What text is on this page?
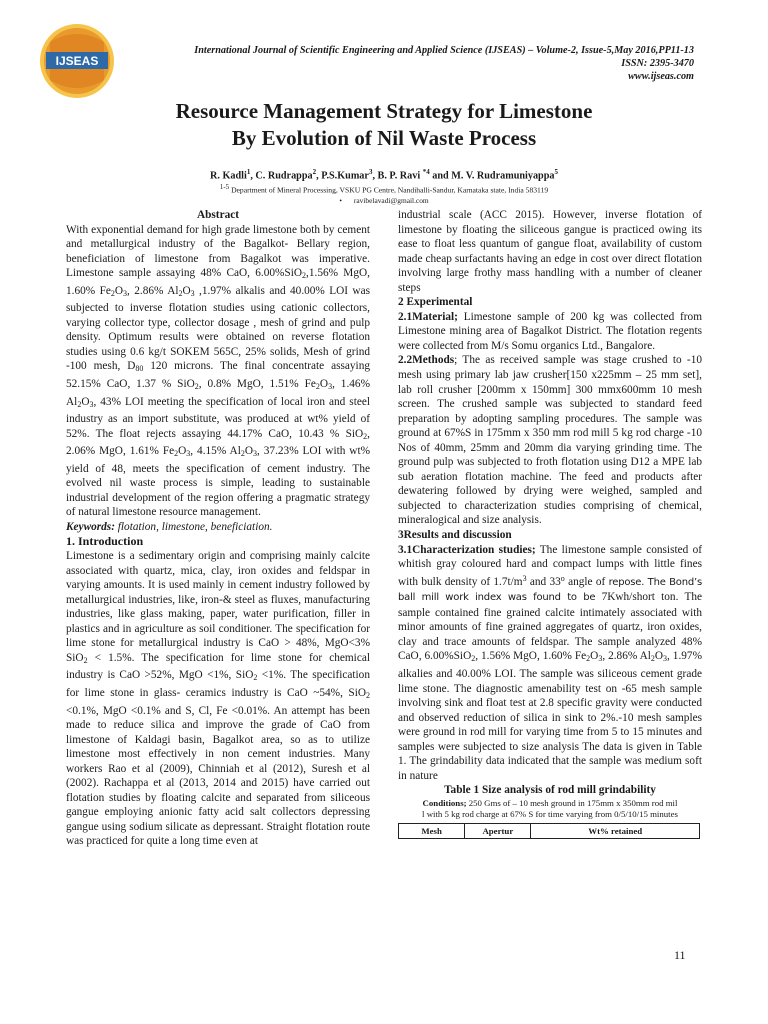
IJSEAS
International Journal of Scientific Engineering and Applied Science (IJSEAS) – Volume-2, Issue-5,May 2016,PP11-13
ISSN: 2395-3470
www.ijseas.com
Resource Management Strategy for Limestone
By Evolution of Nil Waste Process
R. Kadli$^1$, C. Rudrappa$^2$, P.S.Kumar$^3$, B. P. Ravi $^{*4}$ and M. V. Rudramuniyappa$^5$
$^{1-5}$ Department of Mineral Processing, VSKU PG Centre, Nandihalli-Sandur, Karnataka state, India 583119
• ravibelavadi@gmail.com

Abstract

With exponential demand for high grade limestone both by cement and metallurgical industry of the Bagalkot- Bellary region, beneficiation of limestone from Bagalkot was imperative. Limestone sample assaying 48% CaO, 6.00%SiO$_2$,1.56% MgO, 1.60% $Fe_2O_3$, 2.86% $Al_2O_3$ ,1.97% alkalis and 40.00% LOI was subjected to inverse flotation studies using cationic collectors, varying collector type, collector dosage , mesh of grind and pulp density. Optimum results were obtained on reverse flotation studies using 0.6 kg/t SOKEM 565C, 25% solids, Mesh of grind -100 mesh, $D_{80}$ 120 microns. The final concentrate assaying 52.15% CaO, 1.37 % SiO$_2$, 0.8% MgO, 1.51% $Fe_2O_3$, 1.46% $Al_2O_3$, 43% LOI meeting the specification of local iron and steel industry as an import substitute, was produced at wt% yield of 52%. The float rejects assaying 44.17% CaO, 10.43 % SiO$_2$, 2.06% MgO, 1.61% $Fe_2O_3$, 4.15% $Al_2O_3$, 37.23% LOI with wt% yield of 48, meets the specification of cement industry. The evolved nil waste process is simple, leading to sustainable industrial development of the region offering a pragmatic strategy of natural limestone resource management.

Keywords: flotation, limestone, beneficiation.

1. Introduction

Limestone is a sedimentary origin and comprising mainly calcite associated with quartz, mica, clay, iron oxides and feldspar in varying amounts. It is used mainly in cement industry followed by metallurgical industries, like, iron-& steel as fluxes, manufacturing industries, like glass making, paper, water purification, filler in plastics and in agriculture as soil conditioner. The specification for lime stone for metallurgical industry is CaO > 48%, MgO<3% SiO$_2$ < 1.5%. The specification for lime stone for chemical industry is CaO >52%, MgO <1%, SiO$_2$ <1%. The specification for lime stone in glass- ceramics industry is CaO ~54%, SiO$_2$ <0.1%, MgO <0.1% and S, Cl, Fe <0.01%. An attempt has been made to reduce silica and improve the grade of CaO from limestone of Kaldagi basin, Bagalkot area, so as to utilize limestone most effectively in non cement industries. Many workers Rao et al (2009), Chinniah et al (2012), Suresh et al (2002). Rachappa et al (2013, 2014 and 2015) have carried out flotation studies by floating calcite and separated from siliceous gangue employing anionic fatty acid salt collectors depressing gangue using sodium silicate as depressant. Straight flotation route was practiced for quite a long time even at

industrial scale (ACC 2015). However, inverse flotation of limestone by floating the siliceous gangue is practiced owing its ease to float less quantum of gangue float, availability of custom made cheap surfactants having an edge in cost over direct flotation involving large frothy mass handling with a number of cleaner steps

2 Experimental

2.1Material; Limestone sample of 200 kg was collected from Limestone mining area of Bagalkot District. The flotation regents were collected from M/s Somu organics Ltd., Bangalore.

2.2Methods; The as received sample was stage crushed to -10 mesh using primary lab jaw crusher[150 x225mm – 25 mm set], lab roll crusher [200mm x 150mm] 300 mmx600mm 10 mesh screen. The crushed sample was subjected to standard feed preparation by adopting sampling procedures. The sample was ground at 67%S in 175mm x 350 mm rod mill 5 kg rod charge -10 Nos of 40mm, 25mm and 20mm dia varying grinding time. The ground pulp was subjected to froth flotation using D12 a MPE lab sub aeration flotation machine. The feed and products after dewatering followed by drying were weighed, sampled and subjected to characterization studies comprising of chemical, mineralogical and size analysis.

3Results and discussion

3.1Characterization studies; The limestone sample consisted of whitish gray coloured hard and compact lumps with little fines with bulk density of $1.7t/m^3$ and 33$^o$ angle of repose. The Bond’s ball mill work index was found to be 7Kwh/short ton. The sample contained fine grained calcite intimately associated with minor amounts of fine grained aggregates of quartz, iron oxides, clay and trace amounts of feldspar. The sample analyzed 48% CaO, 6.00%SiO$_2$, 1.56% MgO, 1.60% $Fe_2O_3$, 2.86% $Al_2O_3$, 1.97% alkalies and 40.00% LOI. The sample was siliceous cement grade lime stone. The diagnostic amenability test on -65 mesh sample involving sink and float test at 2.8 specific gravity were conducted and observed reduction of silica in sink to 2%.-10 mesh samples were ground in rod mill for varying time from 5 to 15 minutes and samples were subjected to size analysis The data is given in Table 1. The grindability data indicated that the sample was medium soft in nature

Table 1 Size analysis of rod mill grindability

Conditions; 250 Gms of – 10 mesh ground in 175mm x 350mm rod mil
l with 5 kg rod charge at 67% S for time varying from 0/5/10/15 minutes

Mesh	Apertur	Wt% retained
11
